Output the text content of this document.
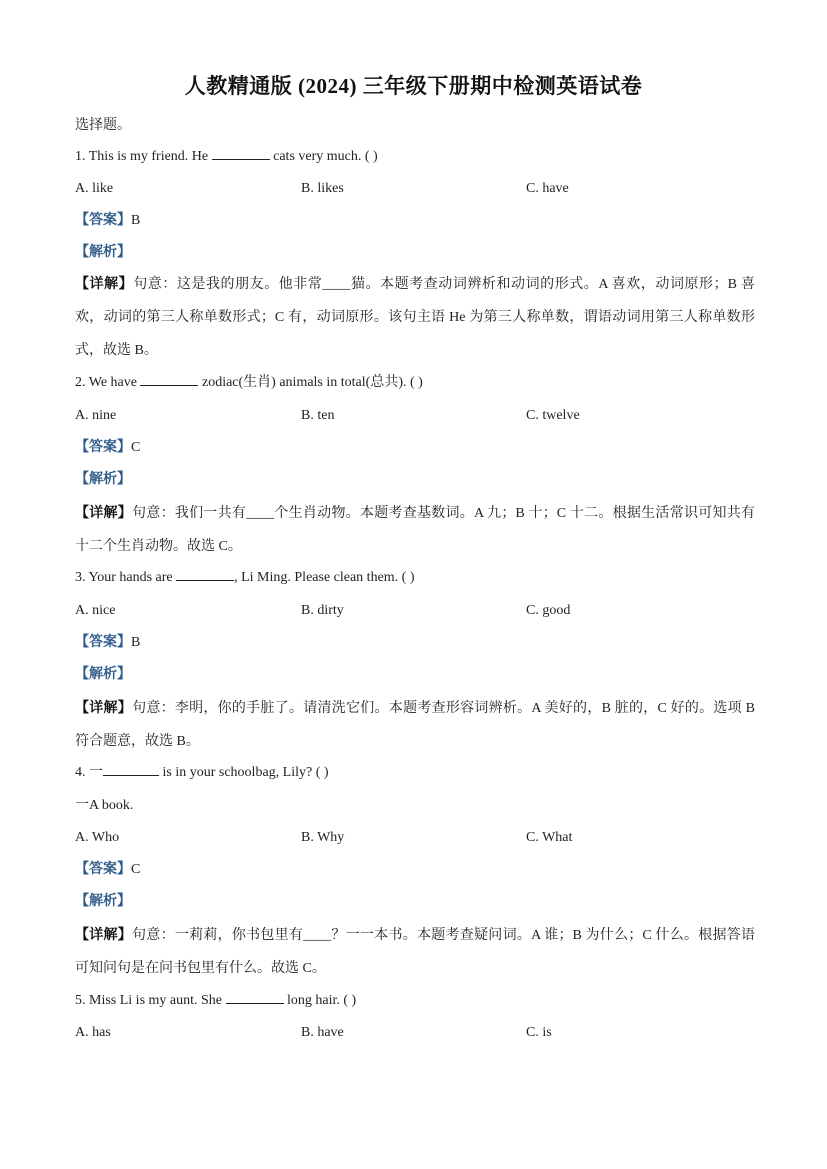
人教精通版 (2024) 三年级下册期中检测英语试卷
选择题。
1. This is my friend. He	cats very much. ( )
A. like	B. likes	C. have
【答案】B
【解析】
【详解】句意：这是我的朋友。他非常____猫。本题考查动词辨析和动词的形式。A 喜欢，动词原形；B 喜欢，动词的第三人称单数形式；C 有，动词原形。该句主语 He 为第三人称单数，谓语动词用第三人称单数形式，故选 B。
2. We have	zodiac(生肖) animals in total(总共). ( )
A. nine	B. ten	C. twelve
【答案】C
【解析】
【详解】句意：我们一共有____个生肖动物。本题考查基数词。A 九；B 十；C 十二。根据生活常识可知共有十二个生肖动物。故选 C。
3. Your hands are	, Li Ming. Please clean them. ( )
A. nice	B. dirty	C. good
【答案】B
【解析】
【详解】句意：李明，你的手脏了。请清洗它们。本题考查形容词辨析。A 美好的，B 脏的，C 好的。选项 B 符合题意，故选 B。
4. 一	is in your schoolbag, Lily? ( )
一A book.
A. Who	B. Why	C. What
【答案】C
【解析】
【详解】句意：一莉莉，你书包里有____？一一本书。本题考查疑问词。A 谁；B 为什么；C 什么。根据答语可知问句是在问书包里有什么。故选 C。
5. Miss Li is my aunt. She	long hair. ( )
A. has	B. have	C. is
